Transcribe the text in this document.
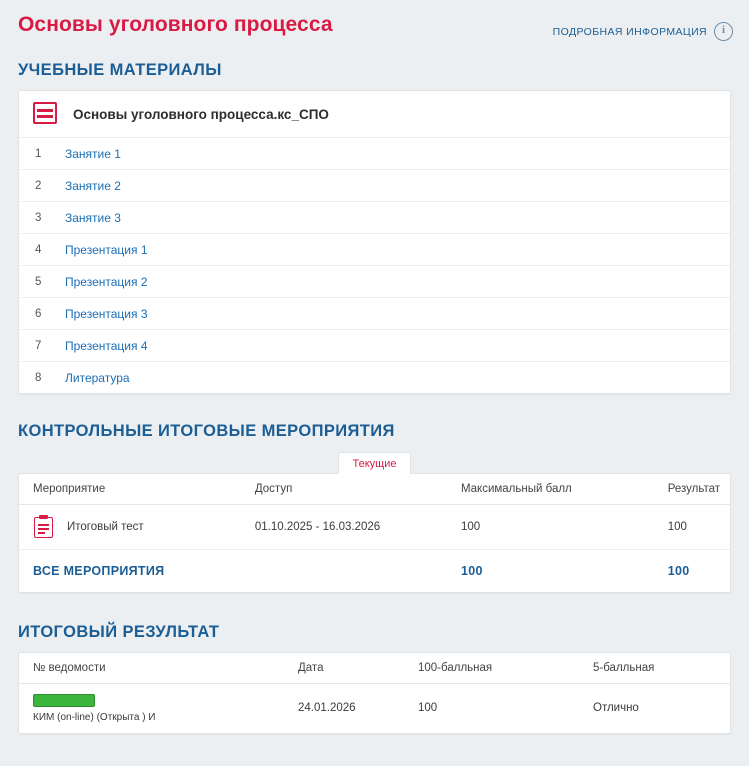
Основы уголовного процесса	ПОДРОБНАЯ ИНФОРМАЦИЯ	i
УЧЕБНЫЕ МАТЕРИАЛЫ
Основы уголовного процесса.кс_СПО
1	Занятие 1
2	Занятие 2
3	Занятие 3
4	Презентация 1
5	Презентация 2
6	Презентация 3
7	Презентация 4
8	Литература
КОНТРОЛЬНЫЕ ИТОГОВЫЕ МЕРОПРИЯТИЯ
Текущие
Мероприятие	Доступ	Максимальный балл	Результат

Итоговый тест	01.10.2025 - 16.03.2026	100	100
ВСЕ МЕРОПРИЯТИЯ		100	100
ИТОГОВЫЙ РЕЗУЛЬТАТ
№ ведомости	Дата	100-балльная	5-балльная

КИМ (on-line) (Открыта ) И	24.01.2026	100	Отлично
